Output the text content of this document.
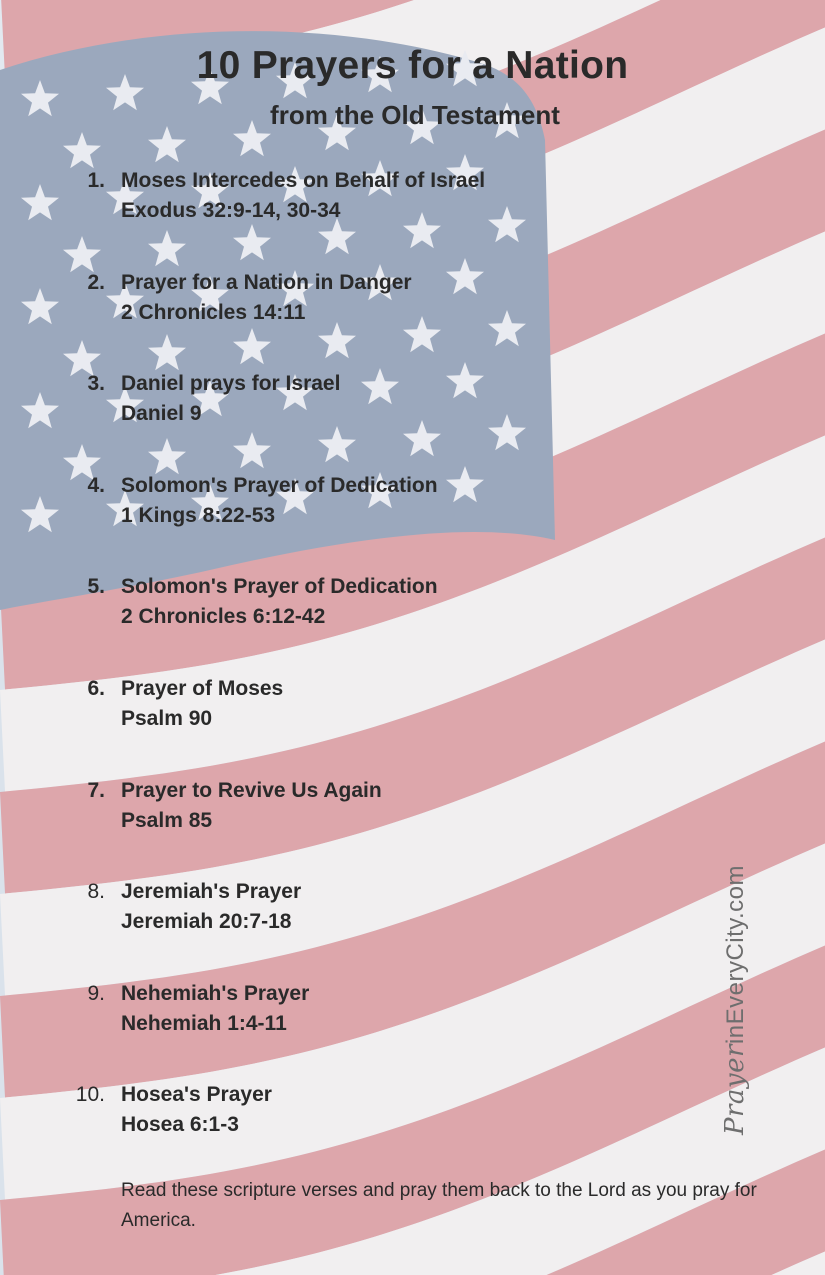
10 Prayers for a Nation
from the Old Testament
1. Moses Intercedes on Behalf of Israel
Exodus 32:9-14, 30-34
2. Prayer for a Nation in Danger
2 Chronicles 14:11
3. Daniel prays for Israel
Daniel 9
4. Solomon's Prayer of Dedication
1 Kings 8:22-53
5. Solomon's Prayer of Dedication
2 Chronicles 6:12-42
6. Prayer of Moses
Psalm 90
7. Prayer to Revive Us Again
Psalm 85
8. Jeremiah's Prayer
Jeremiah 20:7-18
9. Nehemiah's Prayer
Nehemiah 1:4-11
10. Hosea's Prayer
Hosea 6:1-3
Read these scripture verses and pray them back to the Lord as you pray for America.
PrayerinEveryCity.com
